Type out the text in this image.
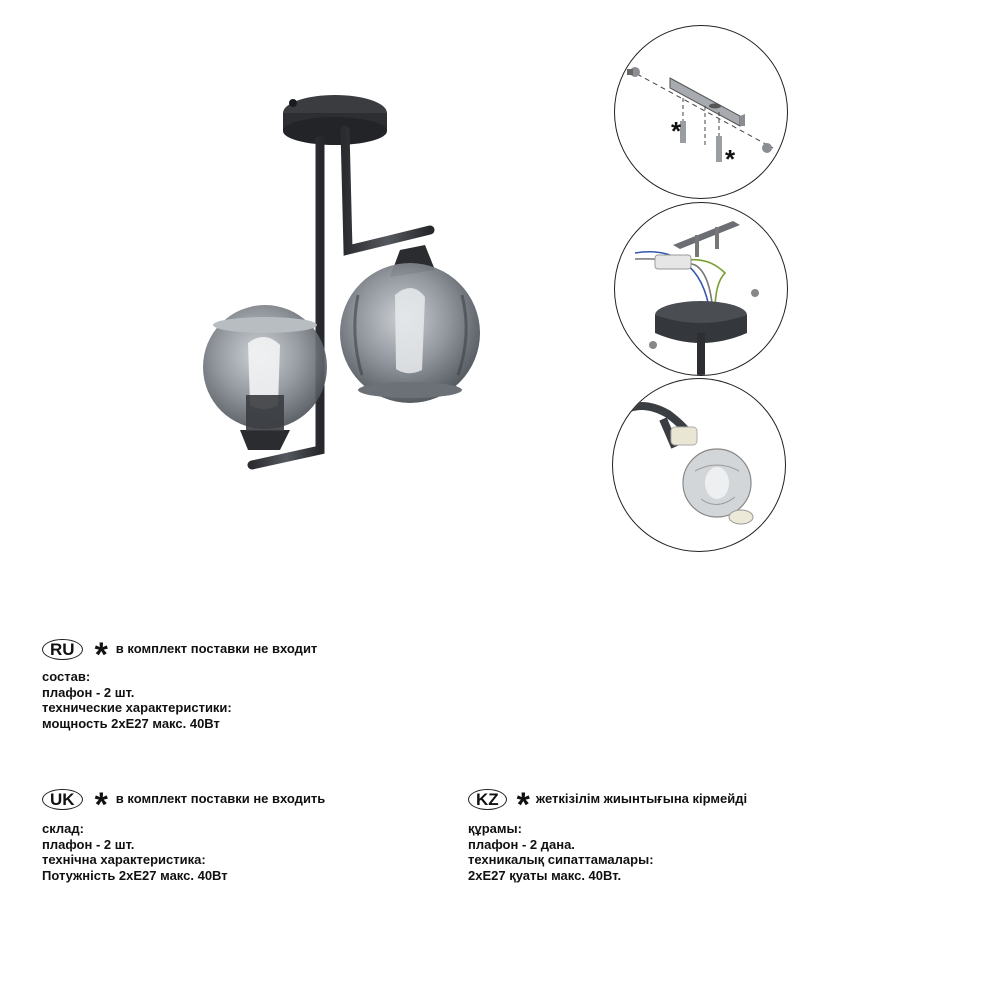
*
*
RU * в комплект поставки не входит
состав:
плафон - 2 шт.
технические характеристики:
мощность 2xE27 макс. 40Вт
UK * в комплект поставки не входить
склад:
плафон - 2 шт.
технічна характеристика:
Потужність 2xE27 макс. 40Вт
KZ * жеткізілім жиынтығына кірмейді
құрамы:
плафон - 2 дана.
техникалық сипаттамалары:
2xE27 қуаты макс. 40Вт.
